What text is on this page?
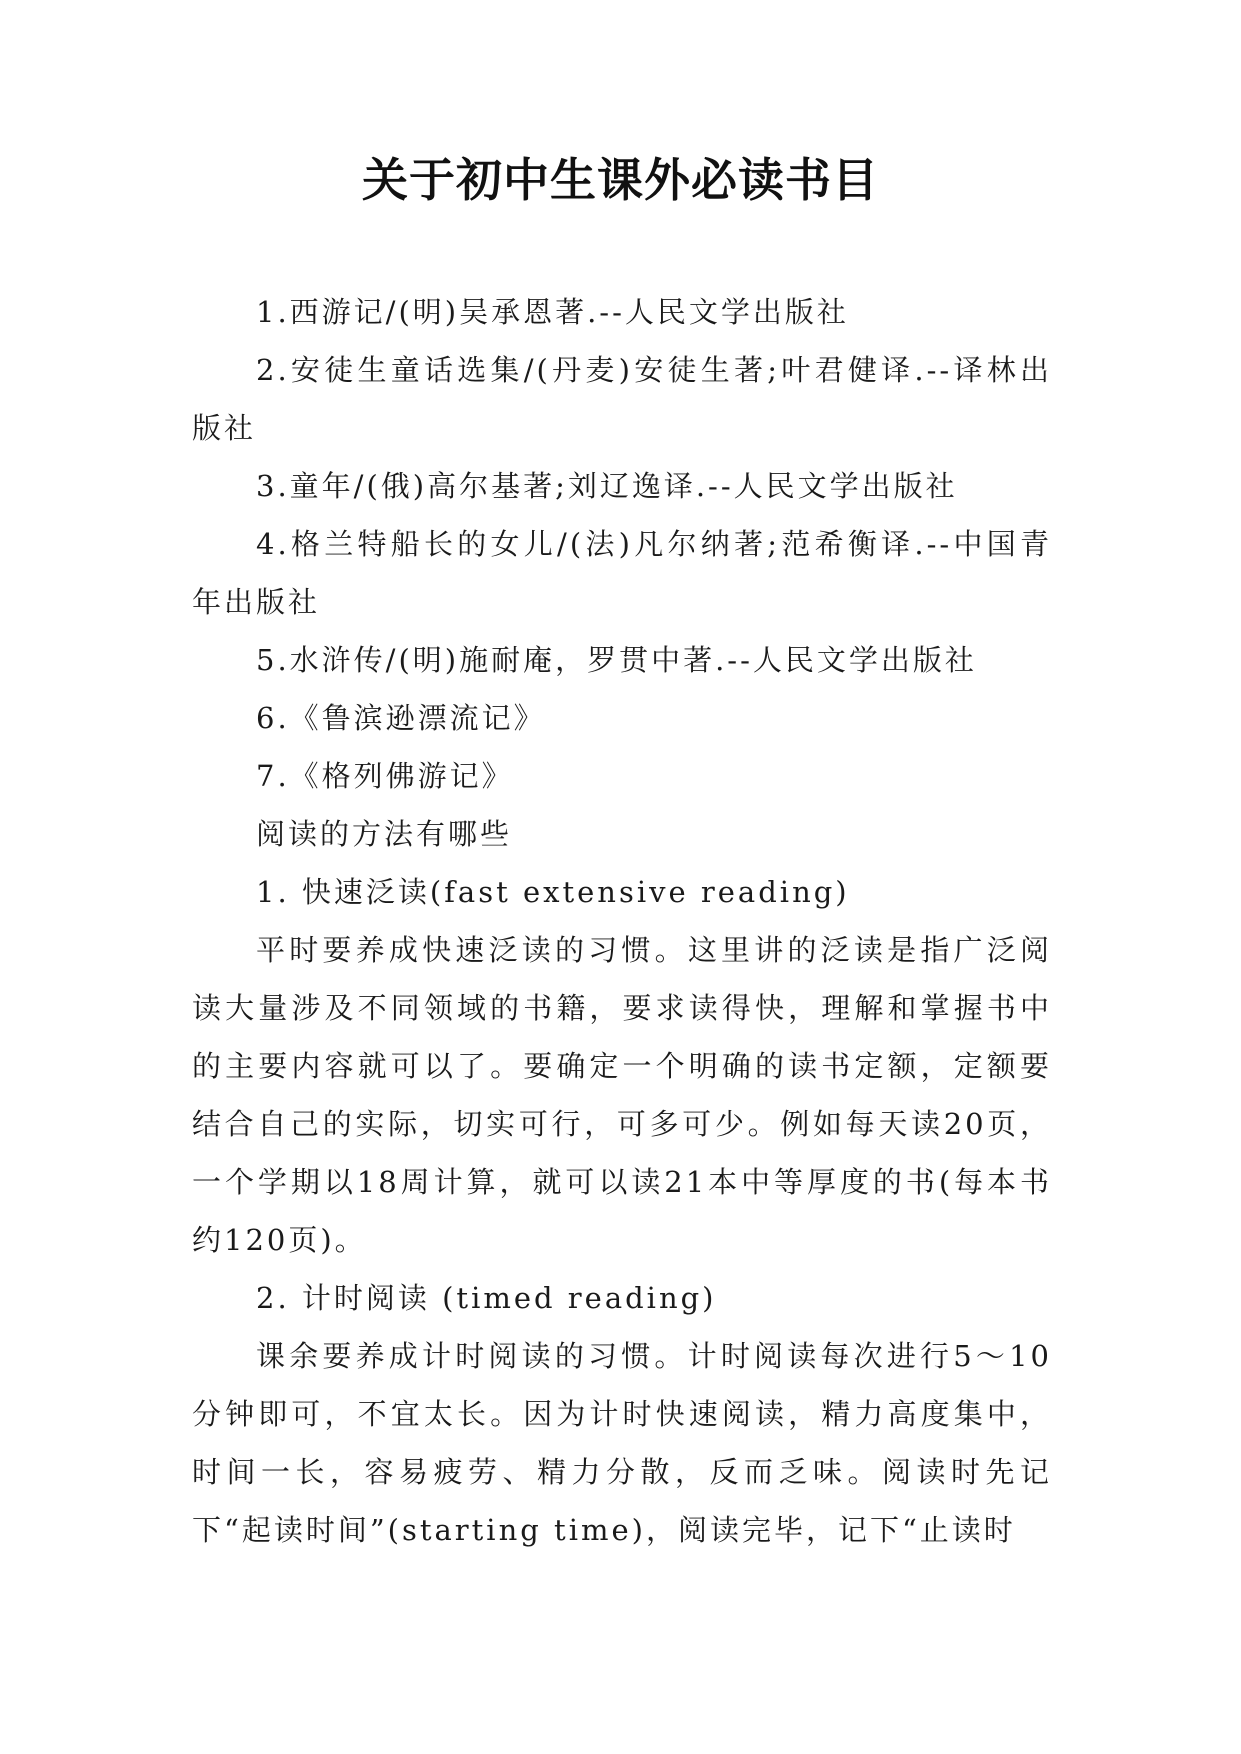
关于初中生课外必读书目

1.西游记/(明)吴承恩著.--人民文学出版社

2.安徒生童话选集/(丹麦)安徒生著;叶君健译.--译林出版社

3.童年/(俄)高尔基著;刘辽逸译.--人民文学出版社

4.格兰特船长的女儿/(法)凡尔纳著;范希衡译.--中国青年出版社

5.水浒传/(明)施耐庵，罗贯中著.--人民文学出版社

6.《鲁滨逊漂流记》

7.《格列佛游记》

阅读的方法有哪些

1. 快速泛读(fast extensive reading)

平时要养成快速泛读的习惯。这里讲的泛读是指广泛阅读大量涉及不同领域的书籍，要求读得快，理解和掌握书中的主要内容就可以了。要确定一个明确的读书定额，定额要结合自己的实际，切实可行，可多可少。例如每天读20页，一个学期以18周计算，就可以读21本中等厚度的书(每本书约120页)。

2. 计时阅读 (timed reading)

课余要养成计时阅读的习惯。计时阅读每次进行5～10分钟即可，不宜太长。因为计时快速阅读，精力高度集中，时间一长，容易疲劳、精力分散，反而乏味。阅读时先记下“起读时间”(starting time)，阅读完毕，记下“止读时
